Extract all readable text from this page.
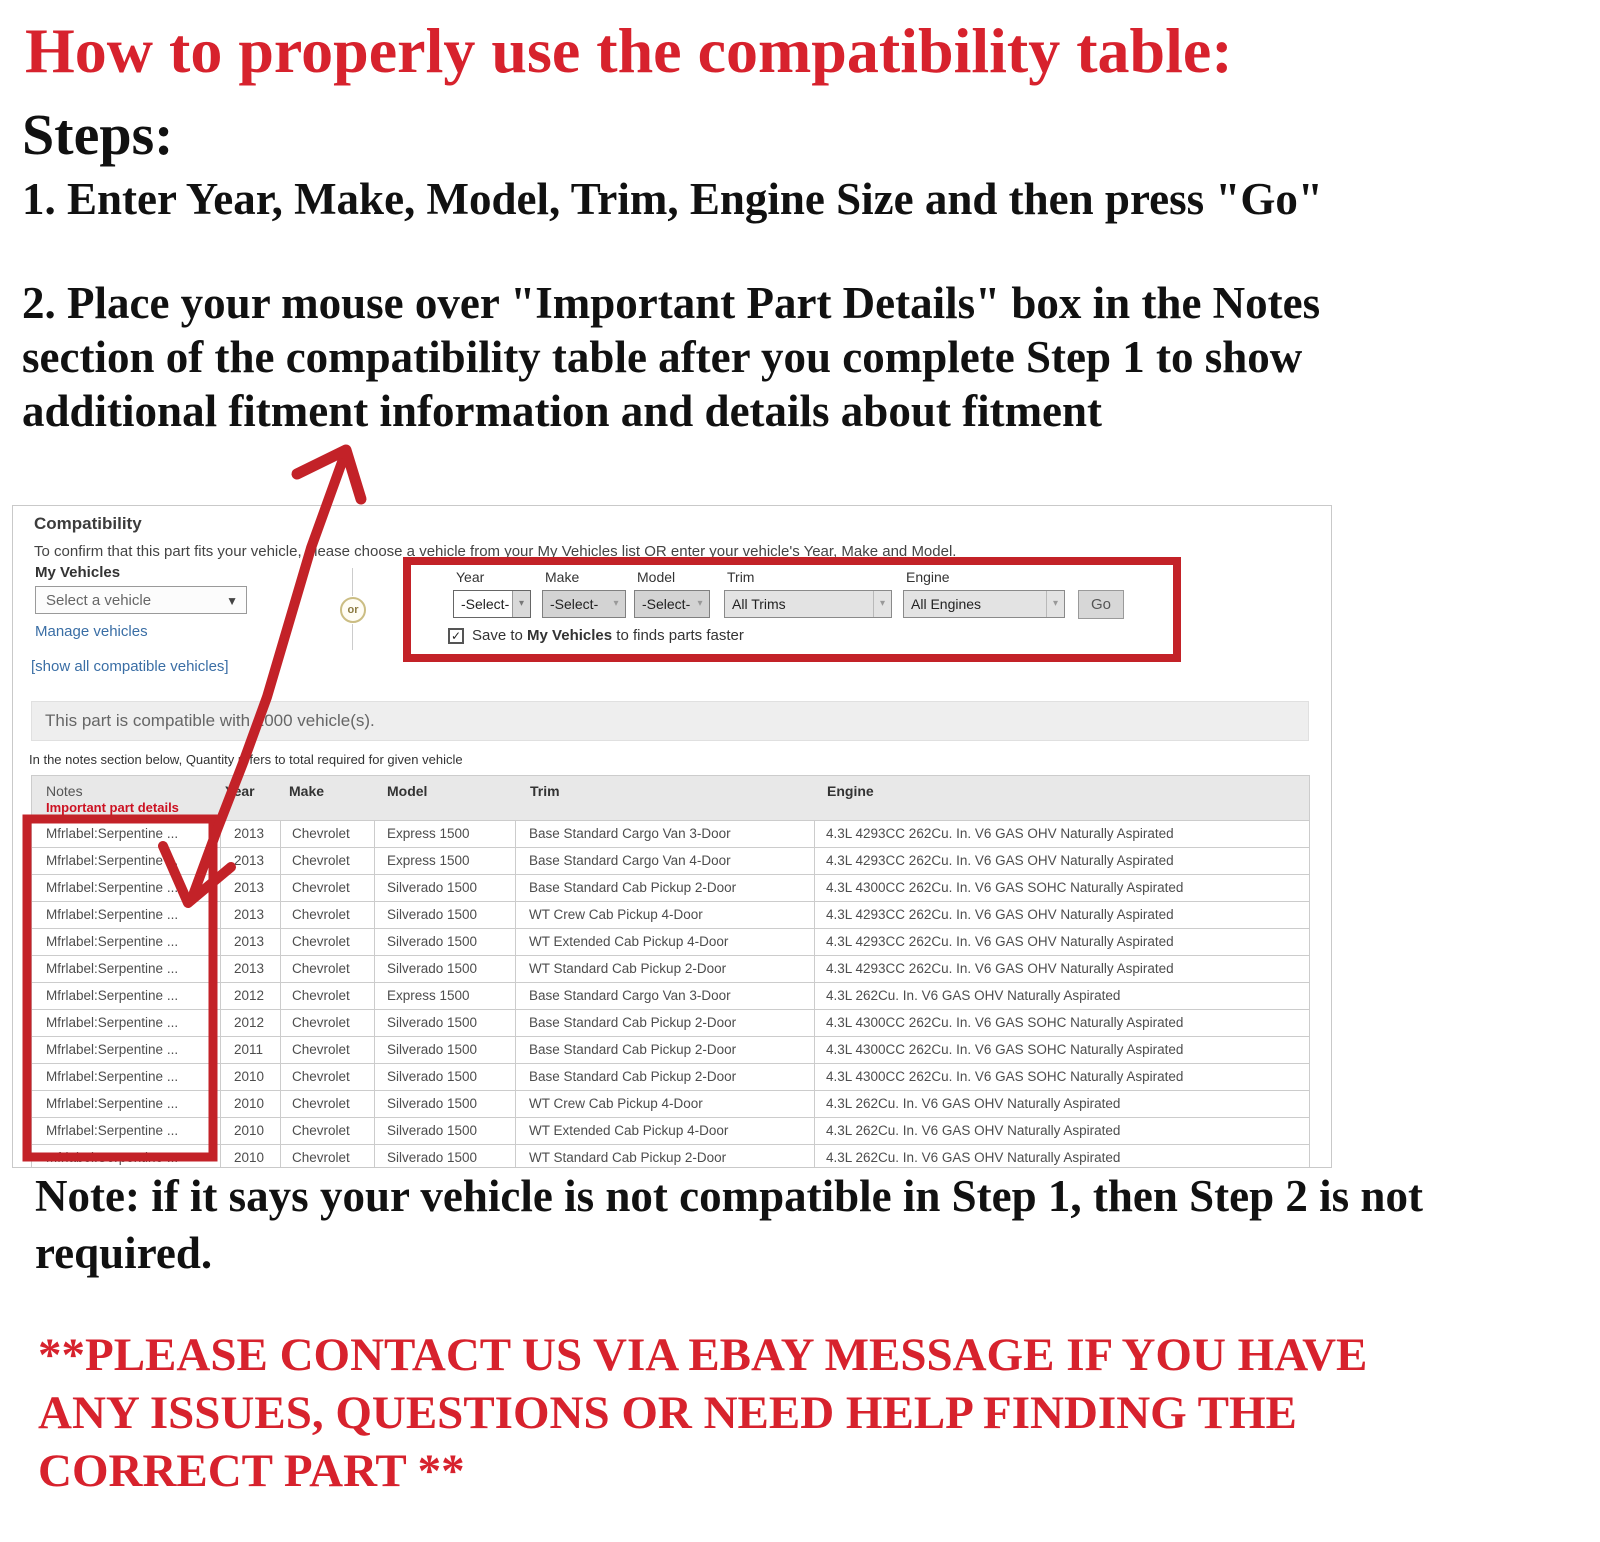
How to properly use the compatibility table:
Steps:
1. Enter Year, Make, Model, Trim, Engine Size and then press "Go"
2. Place your mouse over "Important Part Details" box in the Notes section of the compatibility table after you complete Step 1 to show additional fitment information and details about fitment
Compatibility
To confirm that this part fits your vehicle, please choose a vehicle from your My Vehicles list OR enter your vehicle's Year, Make and Model.
My Vehicles
Select a vehicle	▼
Manage vehicles
or
Year
-Select- ▾
Make
-Select-	▾
Model
-Select- ▾
Trim
All Trims	▾
Engine
All Engines	▾	Go
✓ Save to My Vehicles to finds parts faster
[show all compatible vehicles]
This part is compatible with 1000 vehicle(s).
In the notes section below, Quantity refers to total required for given vehicle
Notes
Important part details
Year	Make	Model	Trim	Engine
Mfrlabel:Serpentine ...	2013	Chevrolet	Express 1500	Base Standard Cargo Van 3-Door	4.3L 4293CC 262Cu. In. V6 GAS OHV Naturally Aspirated
Mfrlabel:Serpentine ...	2013	Chevrolet	Express 1500	Base Standard Cargo Van 4-Door	4.3L 4293CC 262Cu. In. V6 GAS OHV Naturally Aspirated
Mfrlabel:Serpentine ...	2013	Chevrolet	Silverado 1500	Base Standard Cab Pickup 2-Door	4.3L 4300CC 262Cu. In. V6 GAS SOHC Naturally Aspirated
Mfrlabel:Serpentine ...	2013	Chevrolet	Silverado 1500	WT Crew Cab Pickup 4-Door	4.3L 4293CC 262Cu. In. V6 GAS OHV Naturally Aspirated
Mfrlabel:Serpentine ...	2013	Chevrolet	Silverado 1500	WT Extended Cab Pickup 4-Door	4.3L 4293CC 262Cu. In. V6 GAS OHV Naturally Aspirated
Mfrlabel:Serpentine ...	2013	Chevrolet	Silverado 1500	WT Standard Cab Pickup 2-Door	4.3L 4293CC 262Cu. In. V6 GAS OHV Naturally Aspirated
Mfrlabel:Serpentine ...	2012	Chevrolet	Express 1500	Base Standard Cargo Van 3-Door	4.3L 262Cu. In. V6 GAS OHV Naturally Aspirated
Mfrlabel:Serpentine ...	2012	Chevrolet	Silverado 1500	Base Standard Cab Pickup 2-Door	4.3L 4300CC 262Cu. In. V6 GAS SOHC Naturally Aspirated
Mfrlabel:Serpentine ...	2011	Chevrolet	Silverado 1500	Base Standard Cab Pickup 2-Door	4.3L 4300CC 262Cu. In. V6 GAS SOHC Naturally Aspirated
Mfrlabel:Serpentine ...	2010	Chevrolet	Silverado 1500	Base Standard Cab Pickup 2-Door	4.3L 4300CC 262Cu. In. V6 GAS SOHC Naturally Aspirated
Mfrlabel:Serpentine ...	2010	Chevrolet	Silverado 1500	WT Crew Cab Pickup 4-Door	4.3L 262Cu. In. V6 GAS OHV Naturally Aspirated
Mfrlabel:Serpentine ...	2010	Chevrolet	Silverado 1500	WT Extended Cab Pickup 4-Door	4.3L 262Cu. In. V6 GAS OHV Naturally Aspirated
Mfrlabel:Serpentine ...	2010	Chevrolet	Silverado 1500	WT Standard Cab Pickup 2-Door	4.3L 262Cu. In. V6 GAS OHV Naturally Aspirated
Note: if it says your vehicle is not compatible in Step 1, then Step 2 is not required.
**PLEASE CONTACT US VIA EBAY MESSAGE IF YOU HAVE ANY ISSUES, QUESTIONS OR NEED HELP FINDING THE CORRECT PART **
